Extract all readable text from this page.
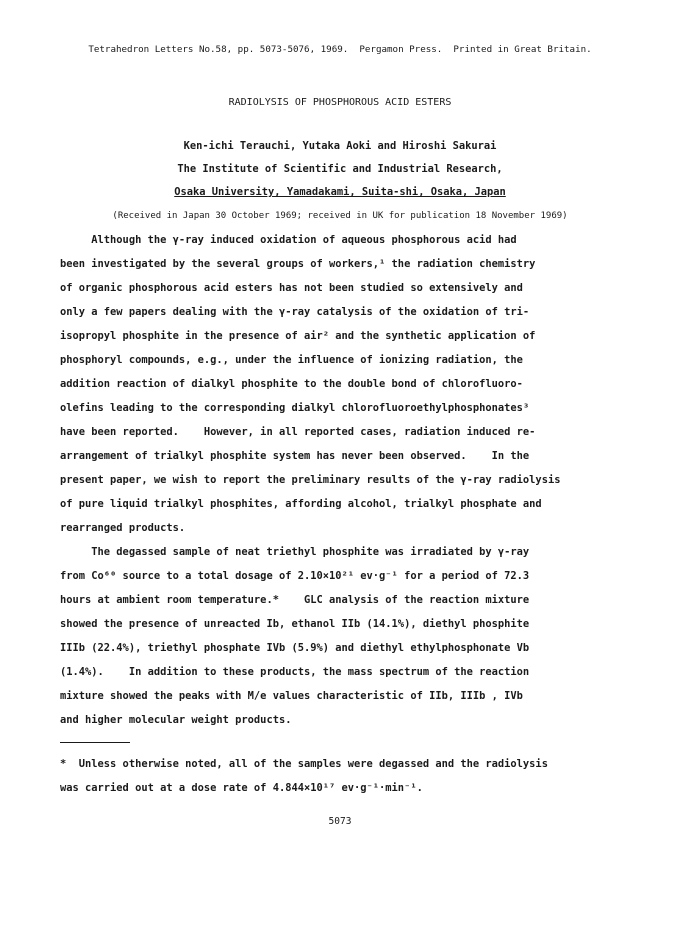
Tetrahedron Letters No.58, pp. 5073-5076, 1969.  Pergamon Press.  Printed in Great Britain.
RADIOLYSIS OF PHOSPHOROUS ACID ESTERS
Ken-ichi Terauchi, Yutaka Aoki and Hiroshi Sakurai
The Institute of Scientific and Industrial Research,
Osaka University, Yamadakami, Suita-shi, Osaka, Japan
(Received in Japan 30 October 1969; received in UK for publication 18 November 1969)
Although the γ-ray induced oxidation of aqueous phosphorous acid had
been investigated by the several groups of workers,¹ the radiation chemistry
of organic phosphorous acid esters has not been studied so extensively and
only a few papers dealing with the γ-ray catalysis of the oxidation of tri-
isopropyl phosphite in the presence of air² and the synthetic application of
phosphoryl compounds, e.g., under the influence of ionizing radiation, the
addition reaction of dialkyl phosphite to the double bond of chlorofluoro-
olefins leading to the corresponding dialkyl chlorofluoroethylphosphonates³
have been reported.    However, in all reported cases, radiation induced re-
arrangement of trialkyl phosphite system has never been observed.    In the
present paper, we wish to report the preliminary results of the γ-ray radiolysis
of pure liquid trialkyl phosphites, affording alcohol, trialkyl phosphate and
rearranged products.
The degassed sample of neat triethyl phosphite was irradiated by γ-ray
from Co⁶⁰ source to a total dosage of 2.10×10²¹ ev·g⁻¹ for a period of 72.3
hours at ambient room temperature.*    GLC analysis of the reaction mixture
showed the presence of unreacted Ib, ethanol IIb (14.1%), diethyl phosphite
IIIb (22.4%), triethyl phosphate IVb (5.9%) and diethyl ethylphosphonate Vb
(1.4%).    In addition to these products, the mass spectrum of the reaction
mixture showed the peaks with M/e values characteristic of IIb, IIIb , IVb
and higher molecular weight products.
*  Unless otherwise noted, all of the samples were degassed and the radiolysis
was carried out at a dose rate of 4.844×10¹⁷ ev·g⁻¹·min⁻¹.
5073
